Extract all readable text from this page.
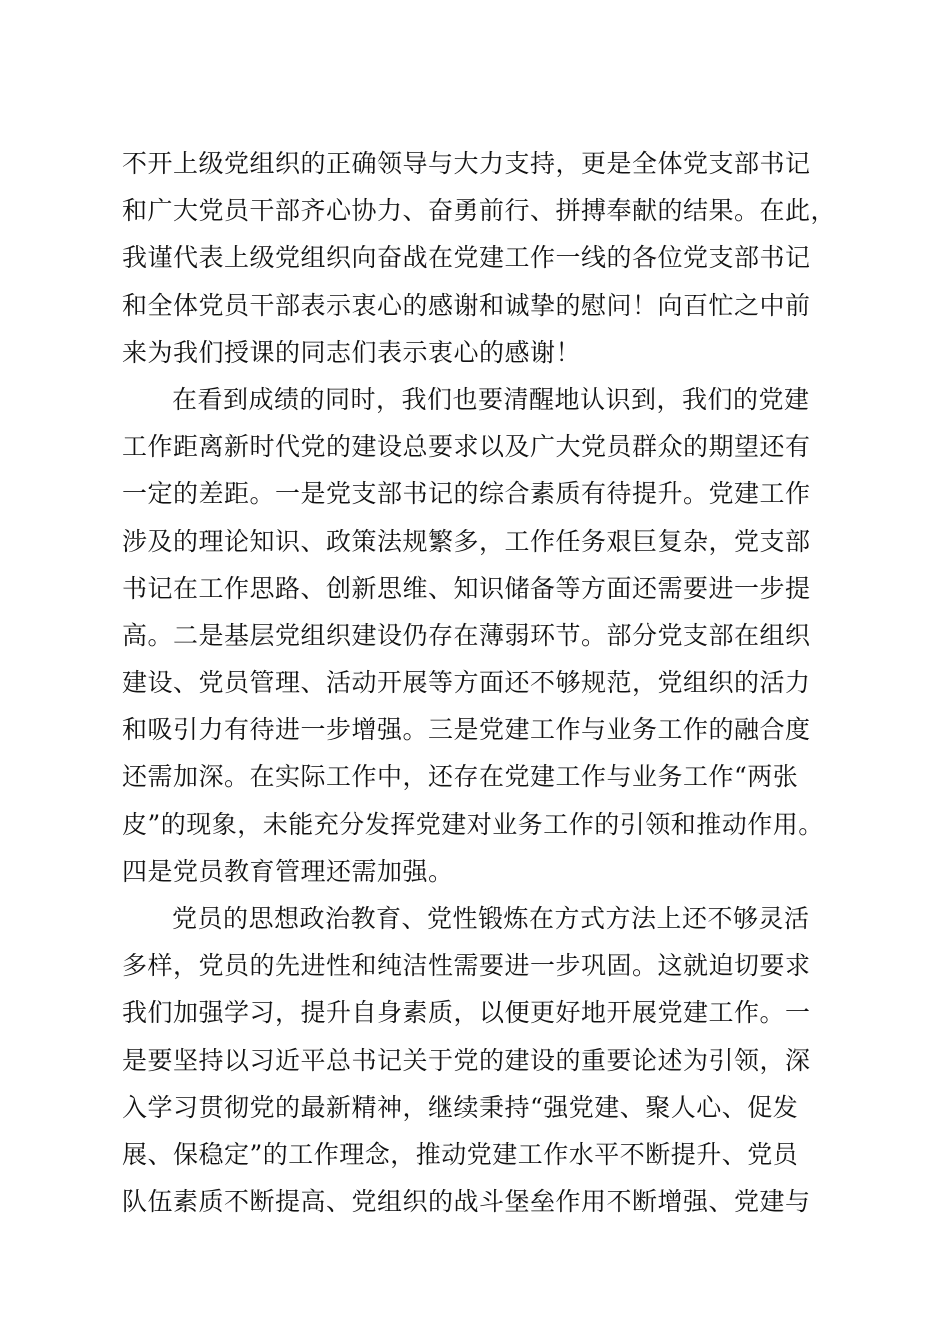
不开上级党组织的正确领导与大力支持，更是全体党支部书记
和广大党员干部齐心协力、奋勇前行、拼搏奉献的结果。在此，
我谨代表上级党组织向奋战在党建工作一线的各位党支部书记
和全体党员干部表示衷心的感谢和诚挚的慰问！向百忙之中前
来为我们授课的同志们表示衷心的感谢！
在看到成绩的同时，我们也要清醒地认识到，我们的党建
工作距离新时代党的建设总要求以及广大党员群众的期望还有
一定的差距。一是党支部书记的综合素质有待提升。党建工作
涉及的理论知识、政策法规繁多，工作任务艰巨复杂，党支部
书记在工作思路、创新思维、知识储备等方面还需要进一步提
高。二是基层党组织建设仍存在薄弱环节。部分党支部在组织
建设、党员管理、活动开展等方面还不够规范，党组织的活力
和吸引力有待进一步增强。三是党建工作与业务工作的融合度
还需加深。在实际工作中，还存在党建工作与业务工作“两张
皮”的现象，未能充分发挥党建对业务工作的引领和推动作用。
四是党员教育管理还需加强。
党员的思想政治教育、党性锻炼在方式方法上还不够灵活
多样，党员的先进性和纯洁性需要进一步巩固。这就迫切要求
我们加强学习，提升自身素质，以便更好地开展党建工作。一
是要坚持以习近平总书记关于党的建设的重要论述为引领，深
入学习贯彻党的最新精神，继续秉持“强党建、聚人心、促发
展、保稳定”的工作理念，推动党建工作水平不断提升、党员
队伍素质不断提高、党组织的战斗堡垒作用不断增强、党建与
